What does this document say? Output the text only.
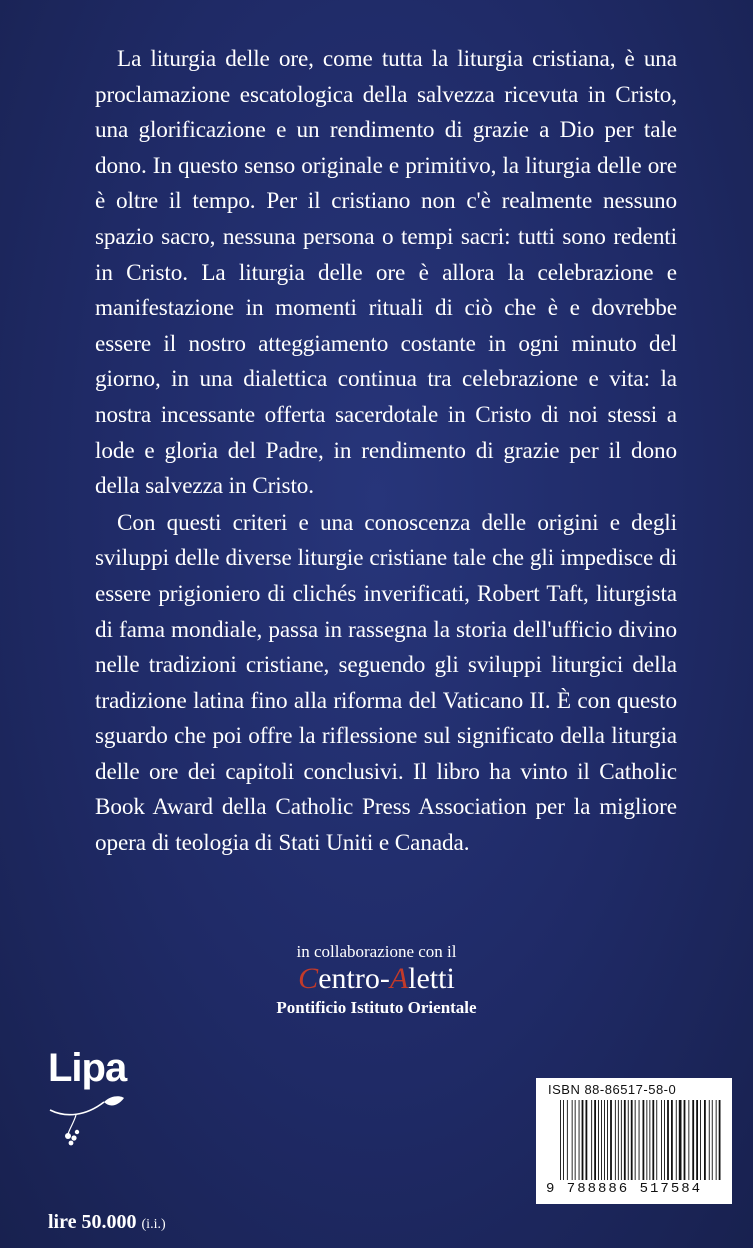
La liturgia delle ore, come tutta la liturgia cristiana, è una proclamazione escatologica della salvezza ricevuta in Cristo, una glorificazione e un rendimento di grazie a Dio per tale dono. In questo senso originale e primitivo, la liturgia delle ore è oltre il tempo. Per il cristiano non c'è realmente nessuno spazio sacro, nessuna persona o tempi sacri: tutti sono redenti in Cristo. La liturgia delle ore è allora la celebrazione e manifestazione in momenti rituali di ciò che è e dovrebbe essere il nostro atteggiamento costante in ogni minuto del giorno, in una dialettica continua tra celebrazione e vita: la nostra incessante offerta sacerdotale in Cristo di noi stessi a lode e gloria del Padre, in rendimento di grazie per il dono della salvezza in Cristo.

Con questi criteri e una conoscenza delle origini e degli sviluppi delle diverse liturgie cristiane tale che gli impedisce di essere prigioniero di clichés inverificati, Robert Taft, liturgista di fama mondiale, passa in rassegna la storia dell'ufficio divino nelle tradizioni cristiane, seguendo gli sviluppi liturgici della tradizione latina fino alla riforma del Vaticano II. È con questo sguardo che poi offre la riflessione sul significato della liturgia delle ore dei capitoli conclusivi. Il libro ha vinto il Catholic Book Award della Catholic Press Association per la migliore opera di teologia di Stati Uniti e Canada.

in collaborazione con il
Centro-Aletti
Pontificio Istituto Orientale
Lipa
lire 50.000 (i.i.)
ISBN 88-86517-58-0
9 788886 517584
